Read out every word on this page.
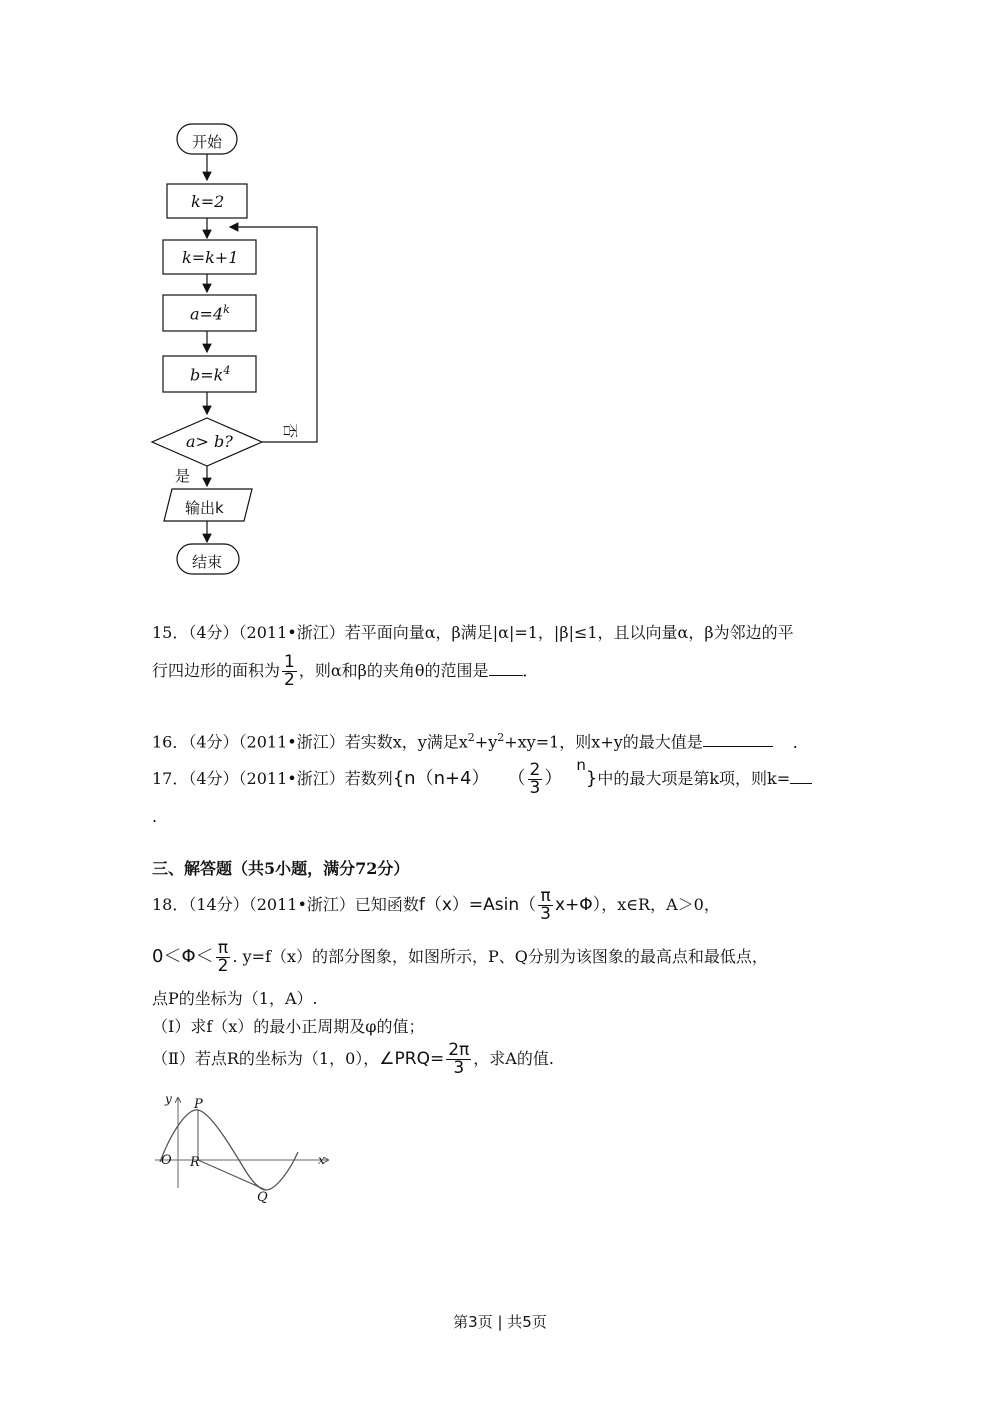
开始
k=2
k=k+1
$a=4^k$
$b=k^4$
a> b?
否
是
输出k
结束
15．（4分）（2011•浙江）若平面向量α，β满足|α|=1，|β|≤1，且以向量α，β为邻边的平
行四边形的面积为 $\frac{1}{2}$ ，则α和β的夹角θ的范围是 ．
16．（4分）（2011•浙江）若实数x，y满足$x^2+y^2+xy=1$，则x+y的最大值是	．
17．（4分）（2011•浙江）若数列{n（n+4） （ $\frac{2}{3} )n$}中的最大项是第k项，则k=
.
三、解答题（共5小题，满分72分）
18．（14分）（2011•浙江）已知函数$f(x)=Asin( \frac{\pi}{3} x+\Phi)$，x∈R，A＞0，
$0<\Phi< \frac{\pi}{2}$ . y=f（x）的部分图象，如图所示，P、Q分别为该图象的最高点和最低点，
点P的坐标为（1，A）.
（Ⅰ）求f（x）的最小正周期及φ的值；
（Ⅱ）若点R的坐标为（1，0），∠PRQ= $\frac{2\pi}{3}$ ，求A的值.
y
x
O
P
R
Q
第3页 | 共5页
